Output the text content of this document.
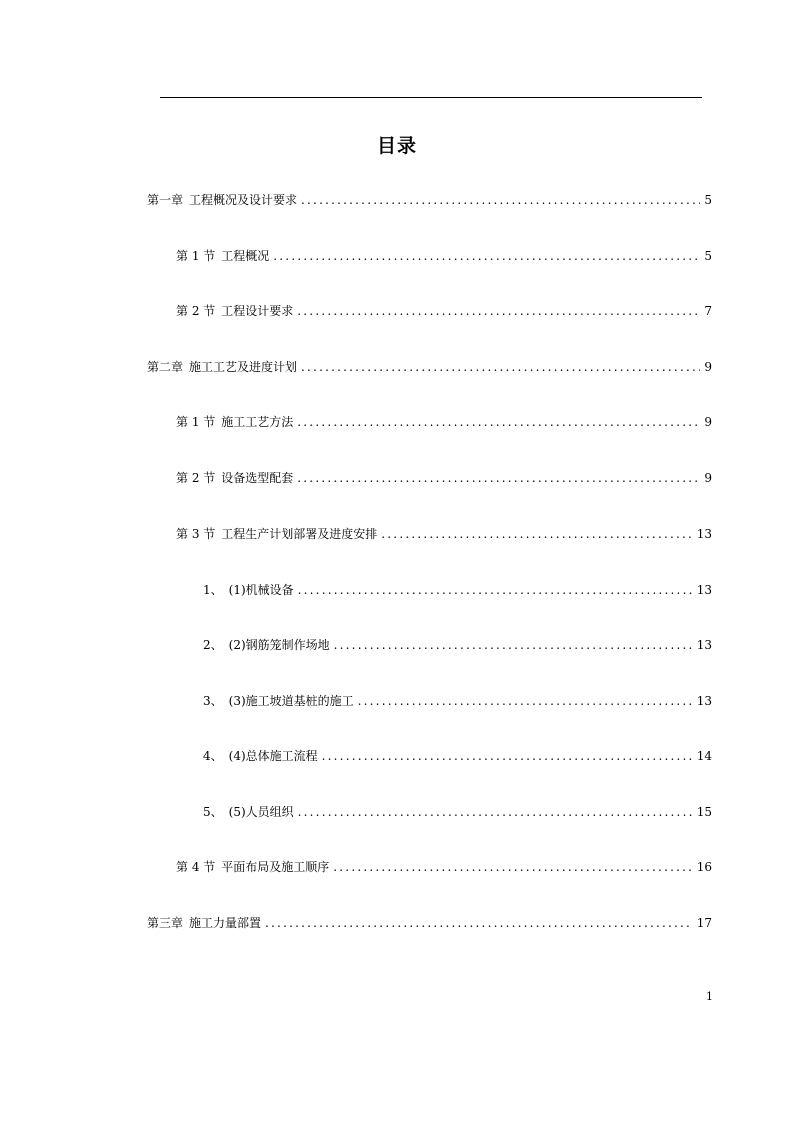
目录
第一章 工程概况及设计要求 .....	5
第 1 节 工程概况 .....	5
第 2 节 工程设计要求 .....	7
第二章 施工工艺及进度计划 .....	9
第 1 节 施工工艺方法 .....	9
第 2 节 设备选型配套 .....	9
第 3 节 工程生产计划部署及进度安排 .....	13
1、 (1)机械设备 .....	13
2、 (2)钢筋笼制作场地 .....	13
3、 (3)施工坡道基桩的施工 .....	13
4、 (4)总体施工流程 .....	14
5、 (5)人员组织 .....	15
第 4 节 平面布局及施工顺序 .....	16
第三章 施工力量部置 .....	17
1
